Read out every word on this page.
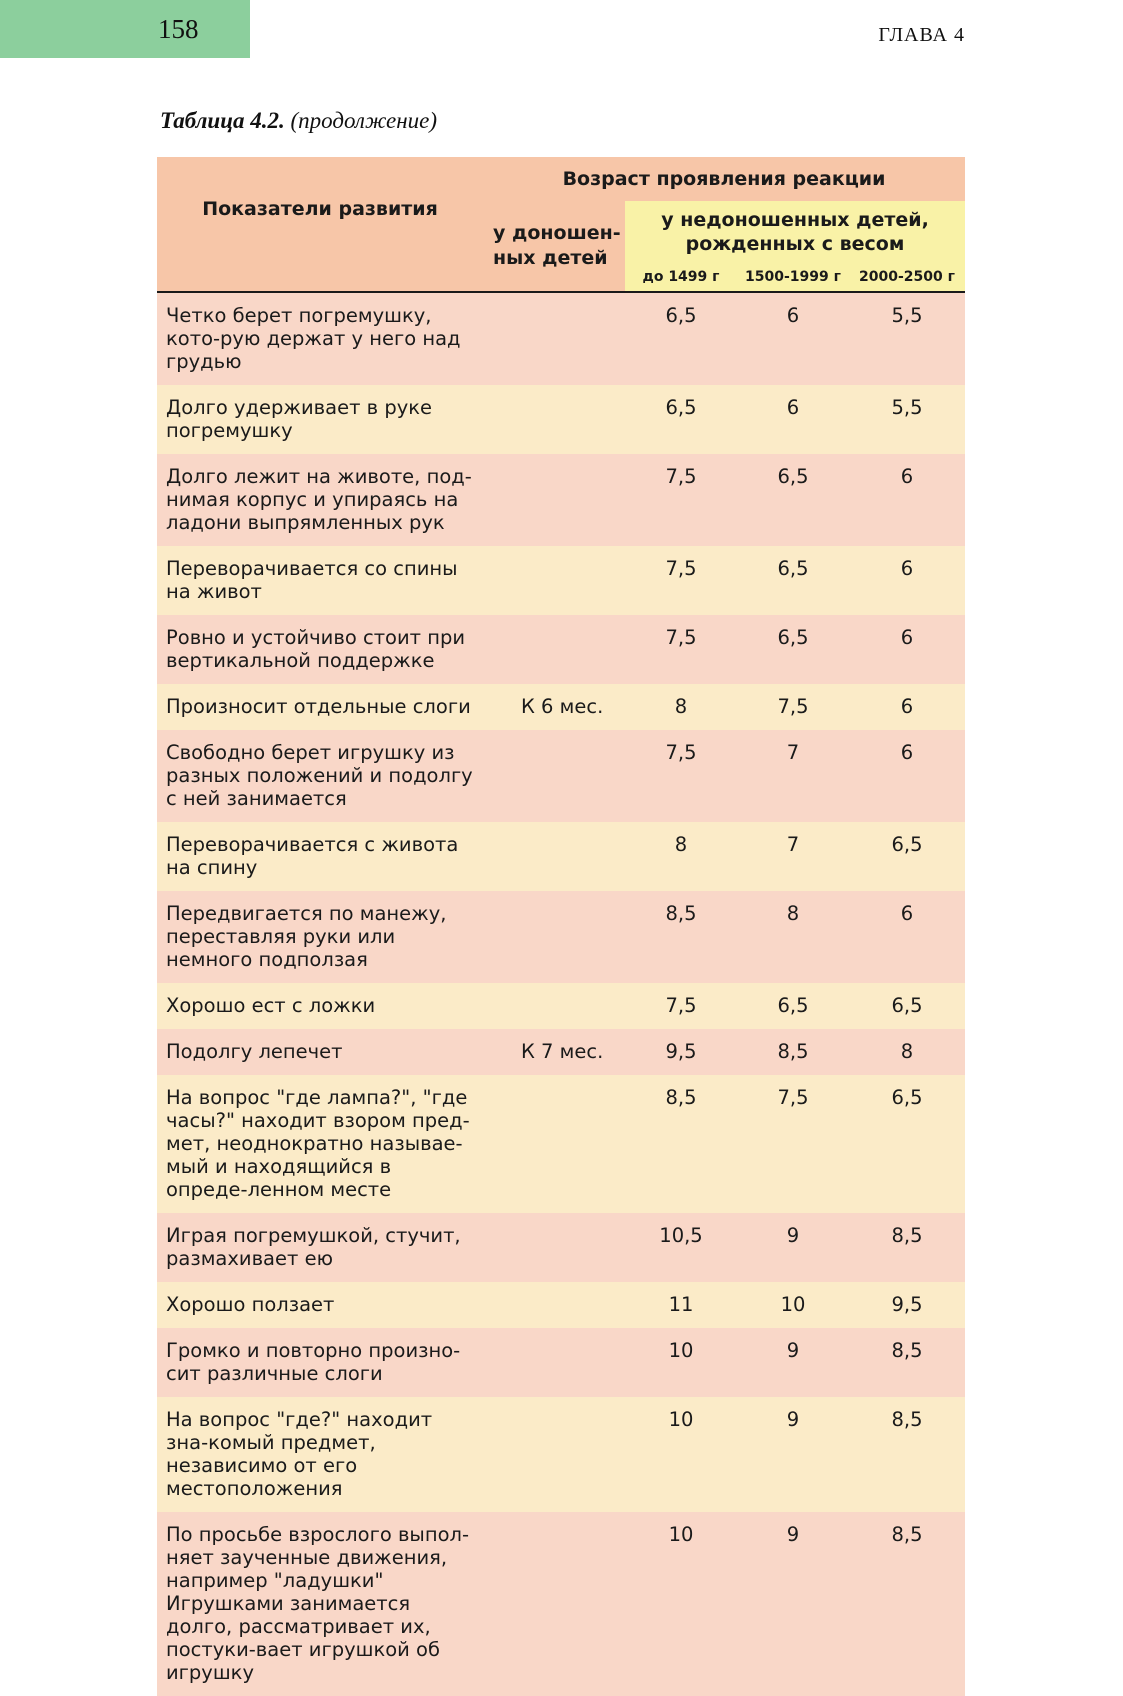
158	ГЛАВА 4
Таблица 4.2. (продолжение)
Показатели развития	Возраст проявления реакции			
	у доношен-ных детей	у недоношенных детей, рожденных с весом		
		до 1499 г	1500-1999 г	2000-2500 г
Четко берет погремушку, кото-рую держат у него над грудью		6,5	6	5,5
Долго удерживает в руке погремушку		6,5	6	5,5
Долго лежит на животе, под-нимая корпус и упираясь на ладони выпрямленных рук		7,5	6,5	6
Переворачивается со спины на живот		7,5	6,5	6
Ровно и устойчиво стоит при вертикальной поддержке		7,5	6,5	6
Произносит отдельные слоги	К 6 мес.	8	7,5	6
Свободно берет игрушку из разных положений и подолгу с ней занимается		7,5	7	6
Переворачивается с живота на спину		8	7	6,5
Передвигается по манежу, переставляя руки или немного подползая		8,5	8	6
Хорошо ест с ложки		7,5	6,5	6,5
Подолгу лепечет	К 7 мес.	9,5	8,5	8
На вопрос "где лампа?", "где часы?" находит взором пред-мет, неоднократно называе-мый и находящийся в опреде-ленном месте		8,5	7,5	6,5
Играя погремушкой, стучит, размахивает ею		10,5	9	8,5
Хорошо ползает		11	10	9,5
Громко и повторно произно-сит различные слоги		10	9	8,5
На вопрос "где?" находит зна-комый предмет, независимо от его местоположения		10	9	8,5
По просьбе взрослого выпол-няет заученные движения, например "ладушки" Игрушками занимается долго, рассматривает их, постуки-вает игрушкой об игрушку		10	9	8,5
